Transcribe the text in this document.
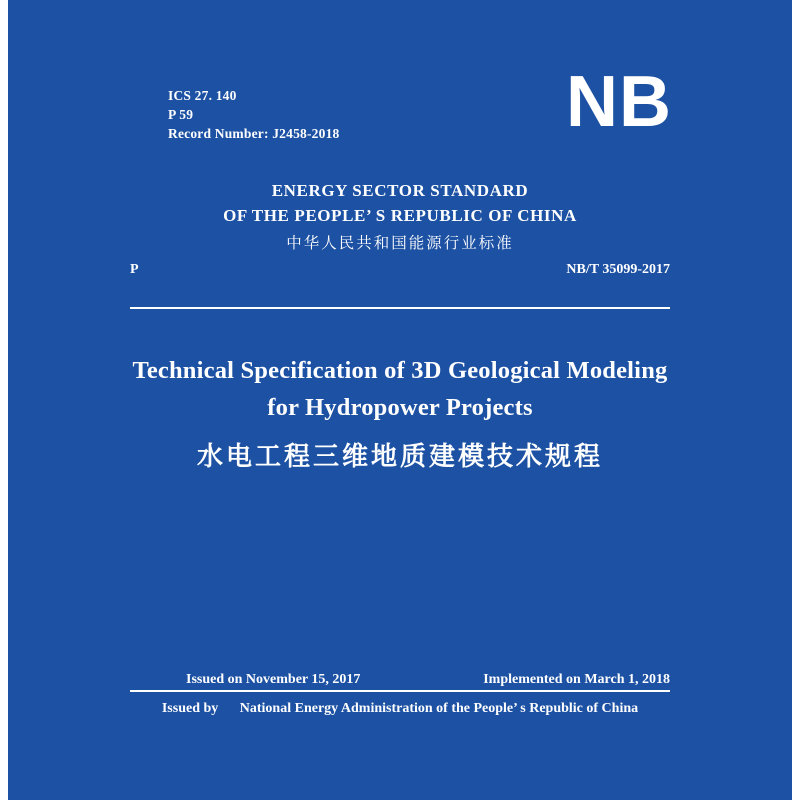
ICS 27. 140
P 59
Record Number: J2458-2018	NB
ENERGY SECTOR STANDARD
OF THE PEOPLE’ S REPUBLIC OF CHINA
中华人民共和国能源行业标准
P	NB/T 35099-2017
Technical Specification of 3D Geological Modeling
for Hydropower Projects
水电工程三维地质建模技术规程
Issued on November 15, 2017	Implemented on March 1, 2018
Issued by National Energy Administration of the People’ s Republic of China
